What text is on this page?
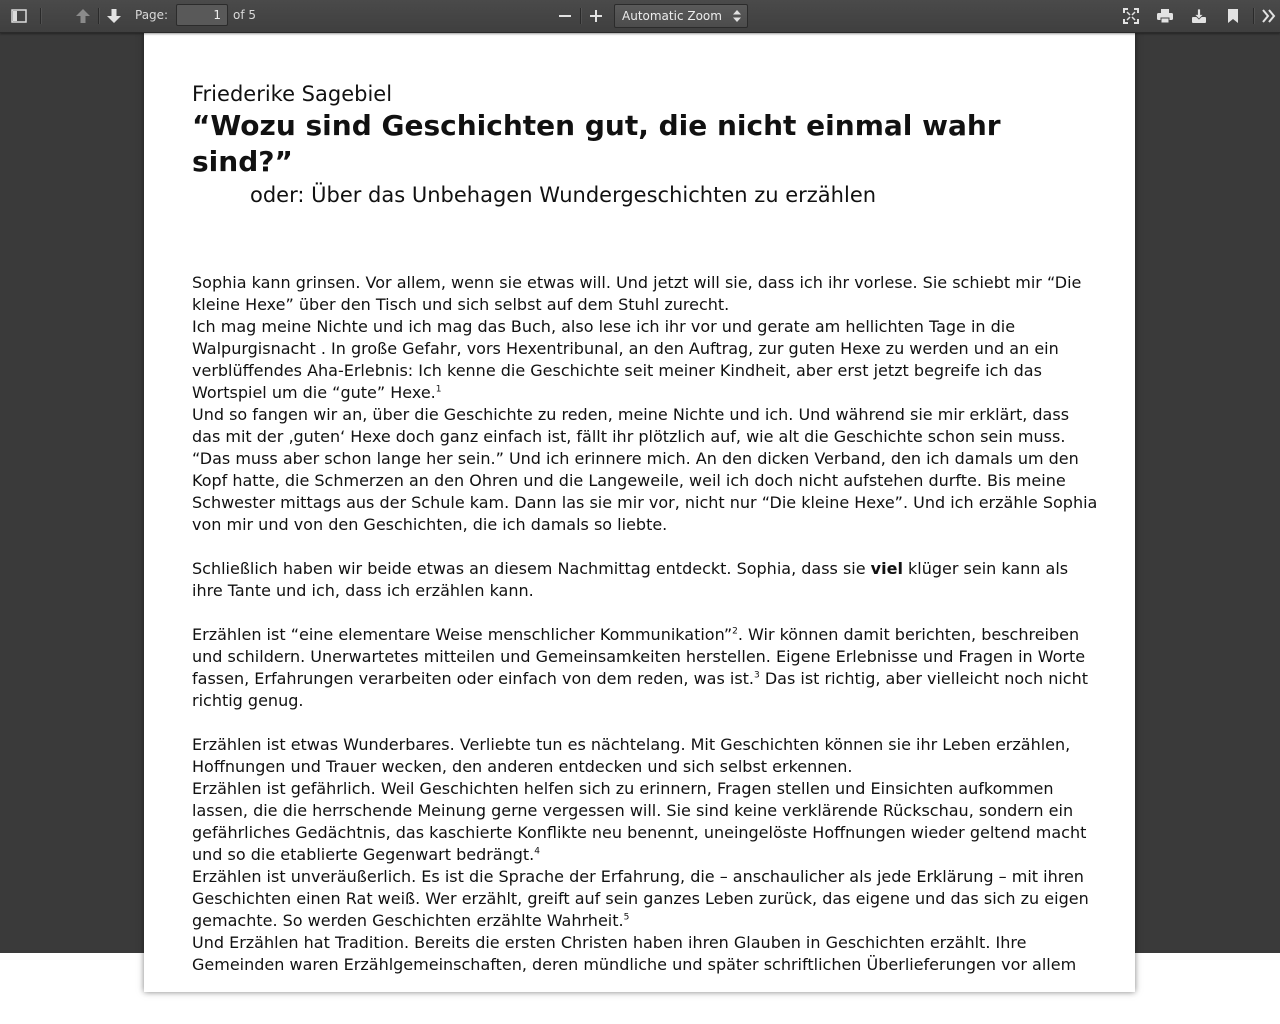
Page:
1	of 5	Automatic Zoom
Friederike Sagebiel
“Wozu sind Geschichten gut, die nicht einmal wahr sind?”
oder: Über das Unbehagen Wundergeschichten zu erzählen

Sophia kann grinsen. Vor allem, wenn sie etwas will. Und jetzt will sie, dass ich ihr vorlese. Sie schiebt mir “Die kleine Hexe” über den Tisch und sich selbst auf dem Stuhl zurecht.

Ich mag meine Nichte und ich mag das Buch, also lese ich ihr vor und gerate am hellichten Tage in die Walpurgisnacht . In große Gefahr, vors Hexentribunal, an den Auftrag, zur guten Hexe zu werden und an ein verblüffendes Aha-Erlebnis: Ich kenne die Geschichte seit meiner Kindheit, aber erst jetzt begreife ich das Wortspiel um die “gute” Hexe.$^1$

Und so fangen wir an, über die Geschichte zu reden, meine Nichte und ich. Und während sie mir erklärt, dass das mit der ‚guten‘ Hexe doch ganz einfach ist, fällt ihr plötzlich auf, wie alt die Geschichte schon sein muss. “Das muss aber schon lange her sein.” Und ich erinnere mich. An den dicken Verband, den ich damals um den Kopf hatte, die Schmerzen an den Ohren und die Langeweile, weil ich doch nicht aufstehen durfte. Bis meine Schwester mittags aus der Schule kam. Dann las sie mir vor, nicht nur “Die kleine Hexe”. Und ich erzähle Sophia von mir und von den Geschichten, die ich damals so liebte.

Schließlich haben wir beide etwas an diesem Nachmittag entdeckt. Sophia, dass sie viel klüger sein kann als ihre Tante und ich, dass ich erzählen kann.

Erzählen ist “eine elementare Weise menschlicher Kommunikation”$^2$. Wir können damit berichten, beschreiben und schildern. Unerwartetes mitteilen und Gemeinsamkeiten herstellen. Eigene Erlebnisse und Fragen in Worte fassen, Erfahrungen verarbeiten oder einfach von dem reden, was ist.$^3$ Das ist richtig, aber vielleicht noch nicht richtig genug.

Erzählen ist etwas Wunderbares. Verliebte tun es nächtelang. Mit Geschichten können sie ihr Leben erzählen, Hoffnungen und Trauer wecken, den anderen entdecken und sich selbst erkennen.

Erzählen ist gefährlich. Weil Geschichten helfen sich zu erinnern, Fragen stellen und Einsichten aufkommen lassen, die die herrschende Meinung gerne vergessen will. Sie sind keine verklärende Rückschau, sondern ein gefährliches Gedächtnis, das kaschierte Konflikte neu benennt, uneingelöste Hoffnungen wieder geltend macht und so die etablierte Gegenwart bedrängt.$^4$

Erzählen ist unveräußerlich. Es ist die Sprache der Erfahrung, die – anschaulicher als jede Erklärung – mit ihren Geschichten einen Rat weiß. Wer erzählt, greift auf sein ganzes Leben zurück, das eigene und das sich zu eigen gemachte. So werden Geschichten erzählte Wahrheit.$^5$

Und Erzählen hat Tradition. Bereits die ersten Christen haben ihren Glauben in Geschichten erzählt. Ihre Gemeinden waren Erzählgemeinschaften, deren mündliche und später schriftlichen Überlieferungen vor allem
